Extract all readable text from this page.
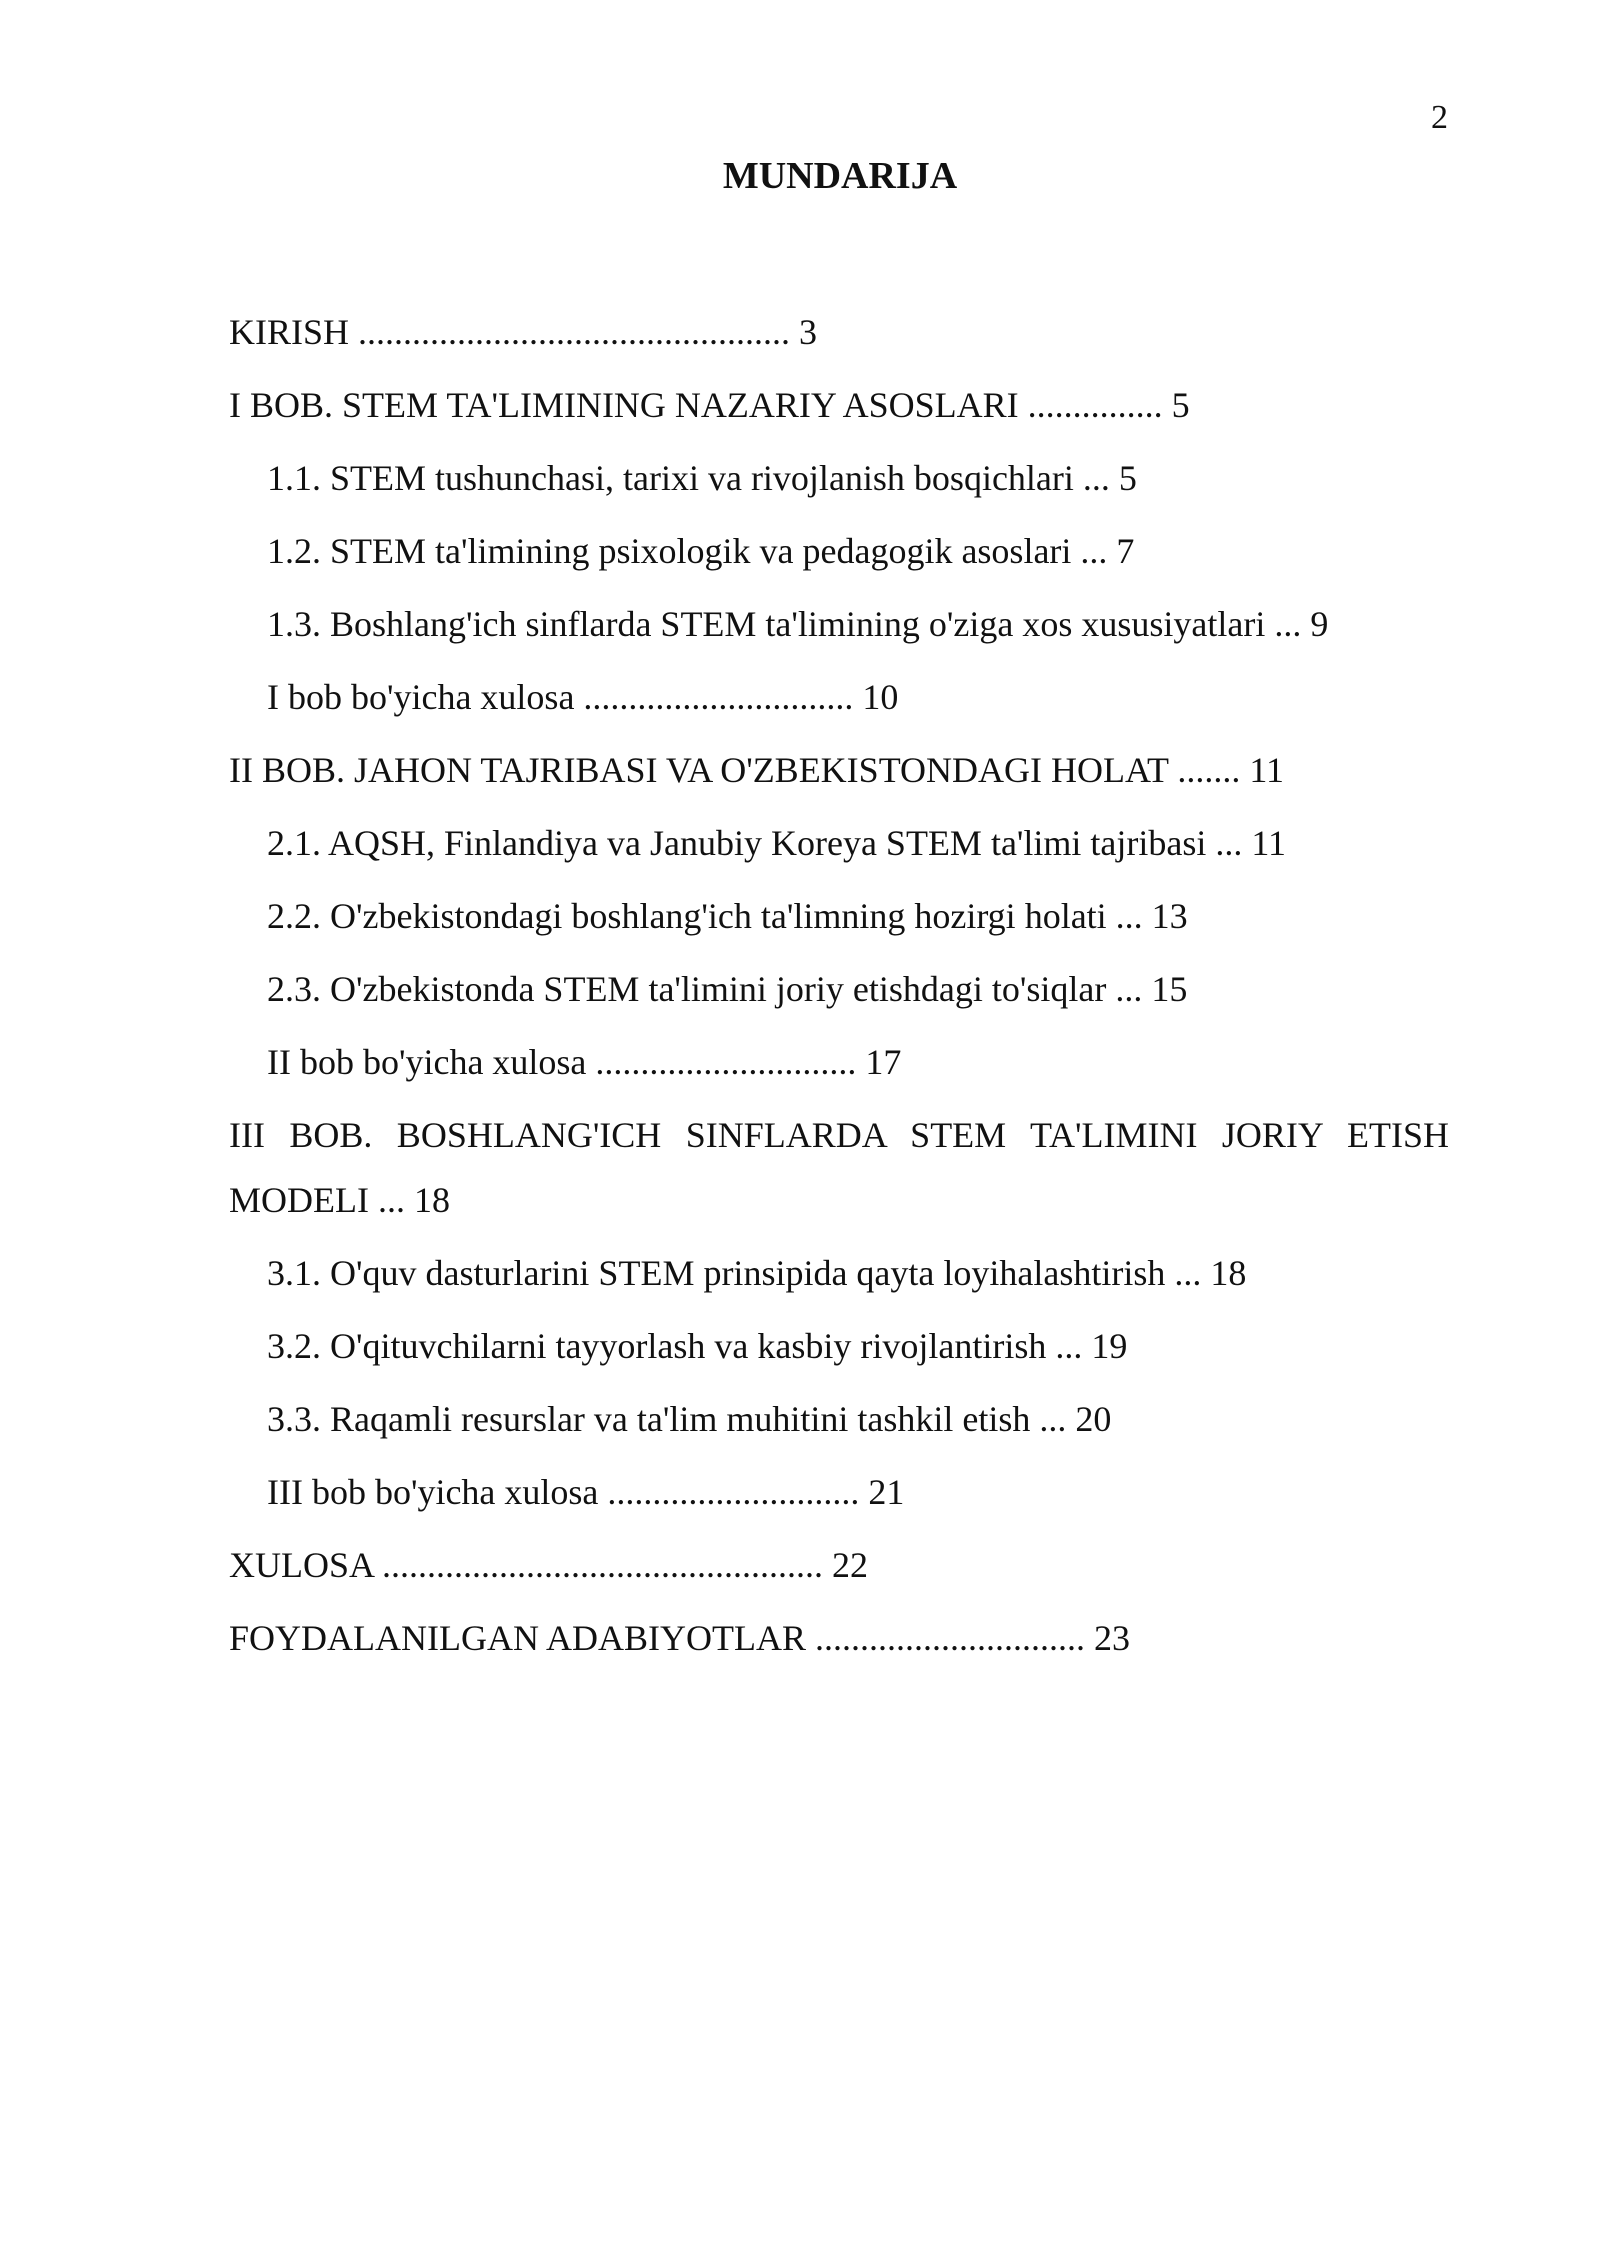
2
MUNDARIJA
KIRISH ................................................ 3
I BOB. STEM TA'LIMINING NAZARIY ASOSLARI ............... 5
1.1. STEM tushunchasi, tarixi va rivojlanish bosqichlari ... 5
1.2. STEM ta'limining psixologik va pedagogik asoslari ... 7
1.3. Boshlang'ich sinflarda STEM ta'limining o'ziga xos xususiyatlari ... 9
I bob bo'yicha xulosa .............................. 10
II BOB. JAHON TAJRIBASI VA O'ZBEKISTONDAGI HOLAT ....... 11
2.1. AQSH, Finlandiya va Janubiy Koreya STEM ta'limi tajribasi ... 11
2.2. O'zbekistondagi boshlang'ich ta'limning hozirgi holati ... 13
2.3. O'zbekistonda STEM ta'limini joriy etishdagi to'siqlar ... 15
II bob bo'yicha xulosa ............................. 17
III BOB. BOSHLANG'ICH SINFLARDA STEM TA'LIMINI JORIY ETISH MODELI ... 18
3.1. O'quv dasturlarini STEM prinsipida qayta loyihalashtirish ... 18
3.2. O'qituvchilarni tayyorlash va kasbiy rivojlantirish ... 19
3.3. Raqamli resurslar va ta'lim muhitini tashkil etish ... 20
III bob bo'yicha xulosa ............................ 21
XULOSA ................................................. 22
FOYDALANILGAN ADABIYOTLAR .............................. 23
